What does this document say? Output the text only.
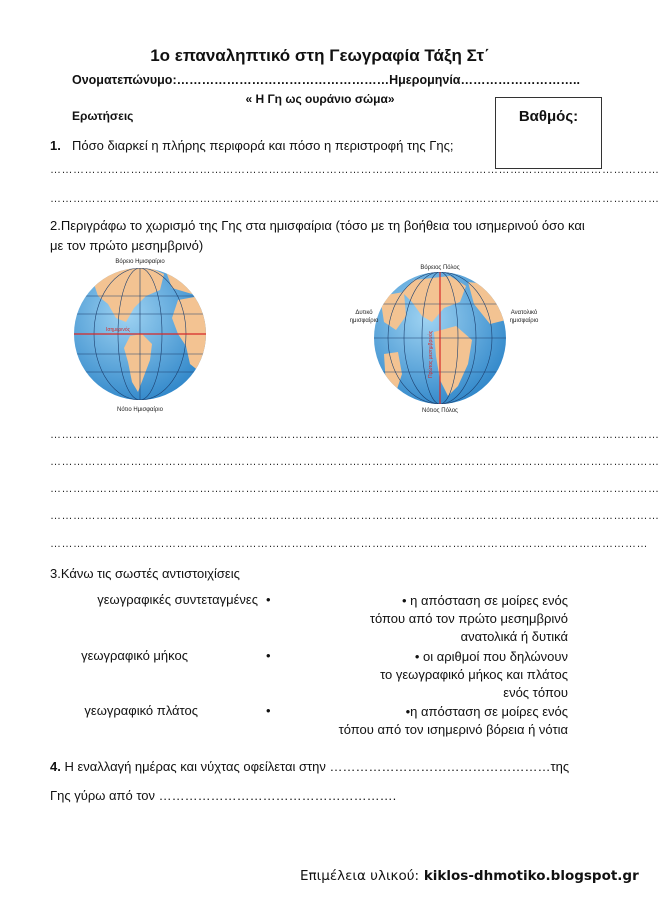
1ο επαναληπτικό στη Γεωγραφία Τάξη Στ΄
Ονοματεπώνυμο:……………………………………………Ημερομηνία………………………..
« Η Γη ως ουράνιο σώμα»
Ερωτήσεις	Βαθμός:
1. Πόσο διαρκεί η πλήρης περιφορά και πόσο η περιστροφή της Γης;
……………………………………………………………………………………………………………………………………………
……………………………………………………………………………………………………………………………………………
2.Περιγράφω το χωρισμό της Γης στα ημισφαίρια (τόσο με τη βοήθεια του ισημερινού όσο και με τον πρώτο μεσημβρινό)
Βόρειο Ημισφαίριο
Ισημερινός
Νότιο Ημισφαίριο
Βόρειος Πόλος
Πρώτος μεσημβρινός
Δυτικό
ημισφαίριο
Ανατολικό
ημισφαίριο
Νότιος Πόλος
……………………………………………………………………………………………………………………………………………
……………………………………………………………………………………………………………………………………………
……………………………………………………………………………………………………………………………………………
……………………………………………………………………………………………………………………………………………
…………………………………………………………………………………………………………………………………………
3.Κάνω τις σωστές αντιστοιχίσεις
γεωγραφικές συντεταγμένες •	• η απόσταση σε μοίρες ενός
τόπου από τον πρώτο μεσημβρινό
ανατολικά ή δυτικά
γεωγραφικό μήκος	•	• οι αριθμοί που δηλώνουν
το γεωγραφικό μήκος και πλάτος
ενός τόπου
γεωγραφικό πλάτος	•	•η απόσταση σε μοίρες ενός
τόπου από τον ισημερινό βόρεια ή νότια
4. Η εναλλαγή ημέρας και νύχτας οφείλεται στην ……………………………………………της
Γης γύρω από τον ……………………………………………….
Επιμέλεια υλικού: kiklos-dhmotiko.blogspot.gr
